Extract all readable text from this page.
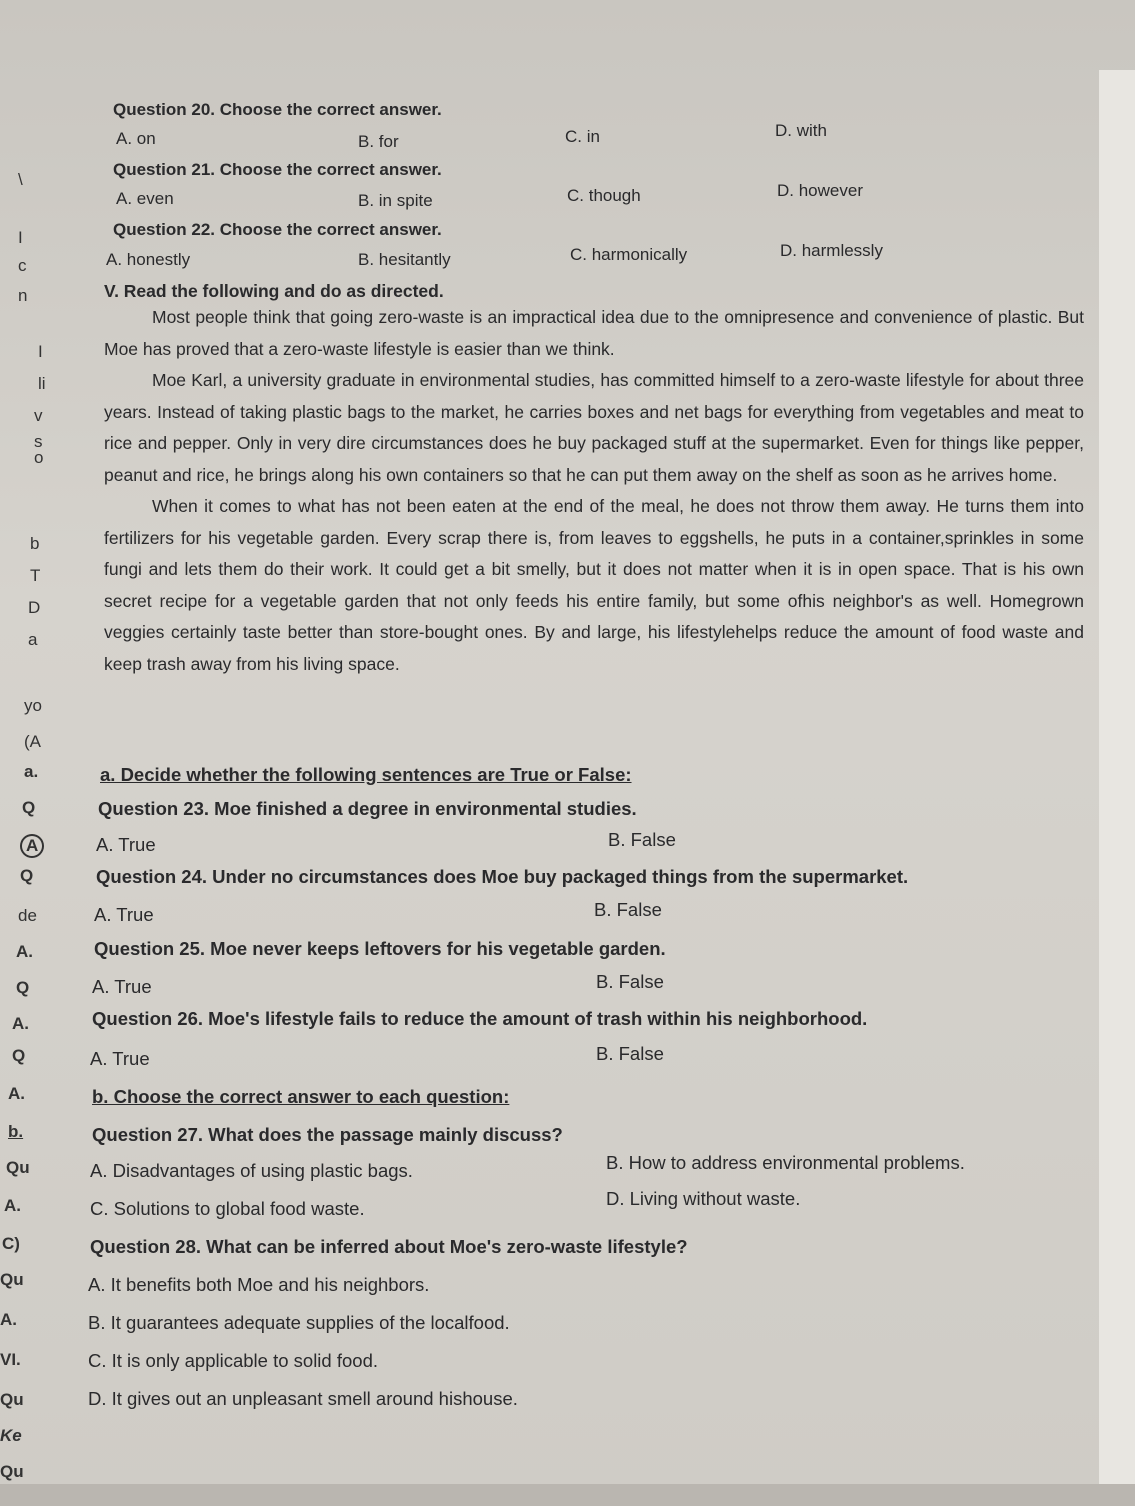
\
I
c
n
I
li
v
s
o
b
T
D
a
yo
(A
a.
Q
A
Q
de
A.
Q
A.
Q
A.
b.
Qu
A.
C)
Qu
A.
VI.
Qu
Ke
Qu
Question 20. Choose the correct answer.
A. on	B. for	C. in	D. with
Question 21. Choose the correct answer.
A. even	B. in spite	C. though	D. however
Question 22. Choose the correct answer.
A. honestly	B. hesitantly	C. harmonically	D. harmlessly
V. Read the following and do as directed.

Most people think that going zero-waste is an impractical idea due to the omnipresence and convenience of plastic. But Moe has proved that a zero-waste lifestyle is easier than we think.

Moe Karl, a university graduate in environmental studies, has committed himself to a zero-waste lifestyle for about three years. Instead of taking plastic bags to the market, he carries boxes and net bags for everything from vegetables and meat to rice and pepper. Only in very dire circumstances does he buy packaged stuff at the supermarket. Even for things like pepper, peanut and rice, he brings along his own containers so that he can put them away on the shelf as soon as he arrives home.

When it comes to what has not been eaten at the end of the meal, he does not throw them away. He turns them into fertilizers for his vegetable garden. Every scrap there is, from leaves to eggshells, he puts in a container,sprinkles in some fungi and lets them do their work. It could get a bit smelly, but it does not matter when it is in open space. That is his own secret recipe for a vegetable garden that not only feeds his entire family, but some ofhis neighbor's as well. Homegrown veggies certainly taste better than store-bought ones. By and large, his lifestylehelps reduce the amount of food waste and keep trash away from his living space.

a. Decide whether the following sentences are True or False:
Question 23. Moe finished a degree in environmental studies.
A. True	B. False
Question 24. Under no circumstances does Moe buy packaged things from the supermarket.
A. True	B. False
Question 25. Moe never keeps leftovers for his vegetable garden.
A. True	B. False
Question 26. Moe's lifestyle fails to reduce the amount of trash within his neighborhood.
A. True	B. False
b. Choose the correct answer to each question:
Question 27. What does the passage mainly discuss?
A. Disadvantages of using plastic bags.	B. How to address environmental problems.
C. Solutions to global food waste.	D. Living without waste.
Question 28. What can be inferred about Moe's zero-waste lifestyle?
A. It benefits both Moe and his neighbors.
B. It guarantees adequate supplies of the localfood.
C. It is only applicable to solid food.
D. It gives out an unpleasant smell around hishouse.
